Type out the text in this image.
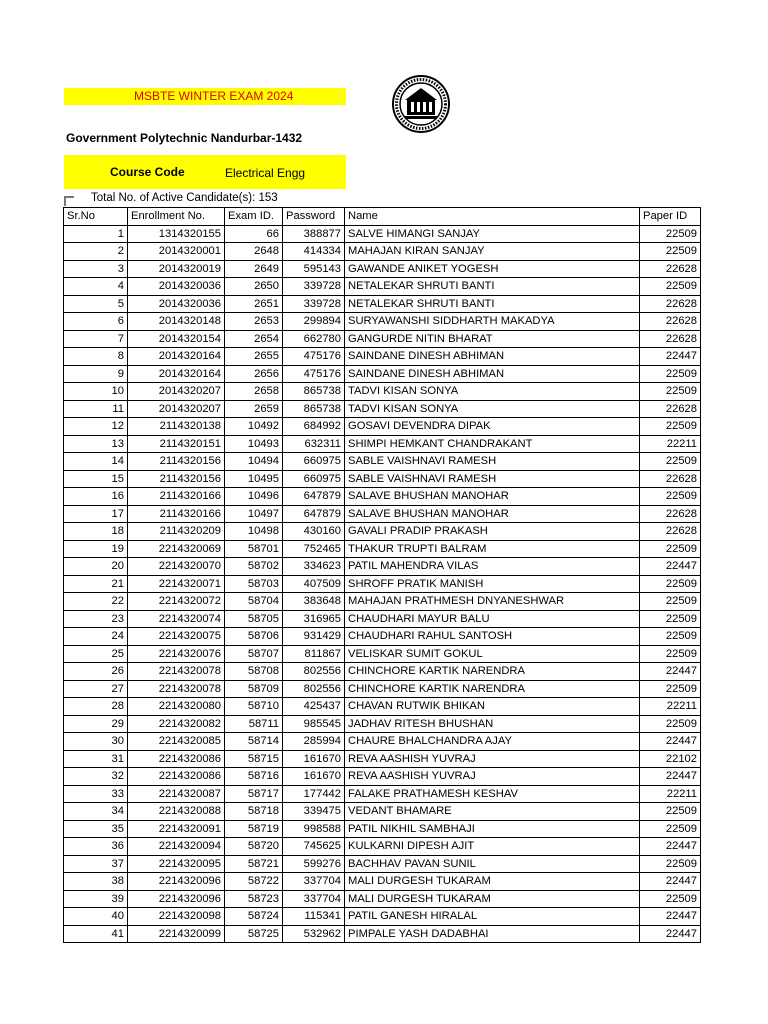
MSBTE WINTER EXAM 2024
Government Polytechnic Nandurbar-1432
Course Code	Electrical Engg
Total No. of Active Candidate(s): 153
Sr.No	Enrollment No.	Exam ID.	Password	Name	Paper ID
1	1314320155	66	388877	SALVE HIMANGI SANJAY	22509
2	2014320001	2648	414334	MAHAJAN KIRAN SANJAY	22509
3	2014320019	2649	595143	GAWANDE ANIKET YOGESH	22628
4	2014320036	2650	339728	NETALEKAR SHRUTI BANTI	22509
5	2014320036	2651	339728	NETALEKAR SHRUTI BANTI	22628
6	2014320148	2653	299894	SURYAWANSHI SIDDHARTH MAKADYA	22628
7	2014320154	2654	662780	GANGURDE NITIN BHARAT	22628
8	2014320164	2655	475176	SAINDANE DINESH ABHIMAN	22447
9	2014320164	2656	475176	SAINDANE DINESH ABHIMAN	22509
10	2014320207	2658	865738	TADVI KISAN SONYA	22509
11	2014320207	2659	865738	TADVI KISAN SONYA	22628
12	2114320138	10492	684992	GOSAVI DEVENDRA DIPAK	22509
13	2114320151	10493	632311	SHIMPI HEMKANT CHANDRAKANT	22211
14	2114320156	10494	660975	SABLE VAISHNAVI RAMESH	22509
15	2114320156	10495	660975	SABLE VAISHNAVI RAMESH	22628
16	2114320166	10496	647879	SALAVE BHUSHAN MANOHAR	22509
17	2114320166	10497	647879	SALAVE BHUSHAN MANOHAR	22628
18	2114320209	10498	430160	GAVALI PRADIP PRAKASH	22628
19	2214320069	58701	752465	THAKUR TRUPTI BALRAM	22509
20	2214320070	58702	334623	PATIL MAHENDRA VILAS	22447
21	2214320071	58703	407509	SHROFF PRATIK MANISH	22509
22	2214320072	58704	383648	MAHAJAN PRATHMESH DNYANESHWAR	22509
23	2214320074	58705	316965	CHAUDHARI MAYUR BALU	22509
24	2214320075	58706	931429	CHAUDHARI RAHUL SANTOSH	22509
25	2214320076	58707	811867	VELISKAR SUMIT GOKUL	22509
26	2214320078	58708	802556	CHINCHORE KARTIK NARENDRA	22447
27	2214320078	58709	802556	CHINCHORE KARTIK NARENDRA	22509
28	2214320080	58710	425437	CHAVAN RUTWIK BHIKAN	22211
29	2214320082	58711	985545	JADHAV RITESH BHUSHAN	22509
30	2214320085	58714	285994	CHAURE BHALCHANDRA AJAY	22447
31	2214320086	58715	161670	REVA AASHISH YUVRAJ	22102
32	2214320086	58716	161670	REVA AASHISH YUVRAJ	22447
33	2214320087	58717	177442	FALAKE PRATHAMESH KESHAV	22211
34	2214320088	58718	339475	VEDANT BHAMARE	22509
35	2214320091	58719	998588	PATIL NIKHIL SAMBHAJI	22509
36	2214320094	58720	745625	KULKARNI DIPESH AJIT	22447
37	2214320095	58721	599276	BACHHAV PAVAN SUNIL	22509
38	2214320096	58722	337704	MALI DURGESH TUKARAM	22447
39	2214320096	58723	337704	MALI DURGESH TUKARAM	22509
40	2214320098	58724	115341	PATIL GANESH HIRALAL	22447
41	2214320099	58725	532962	PIMPALE YASH DADABHAI	22447
